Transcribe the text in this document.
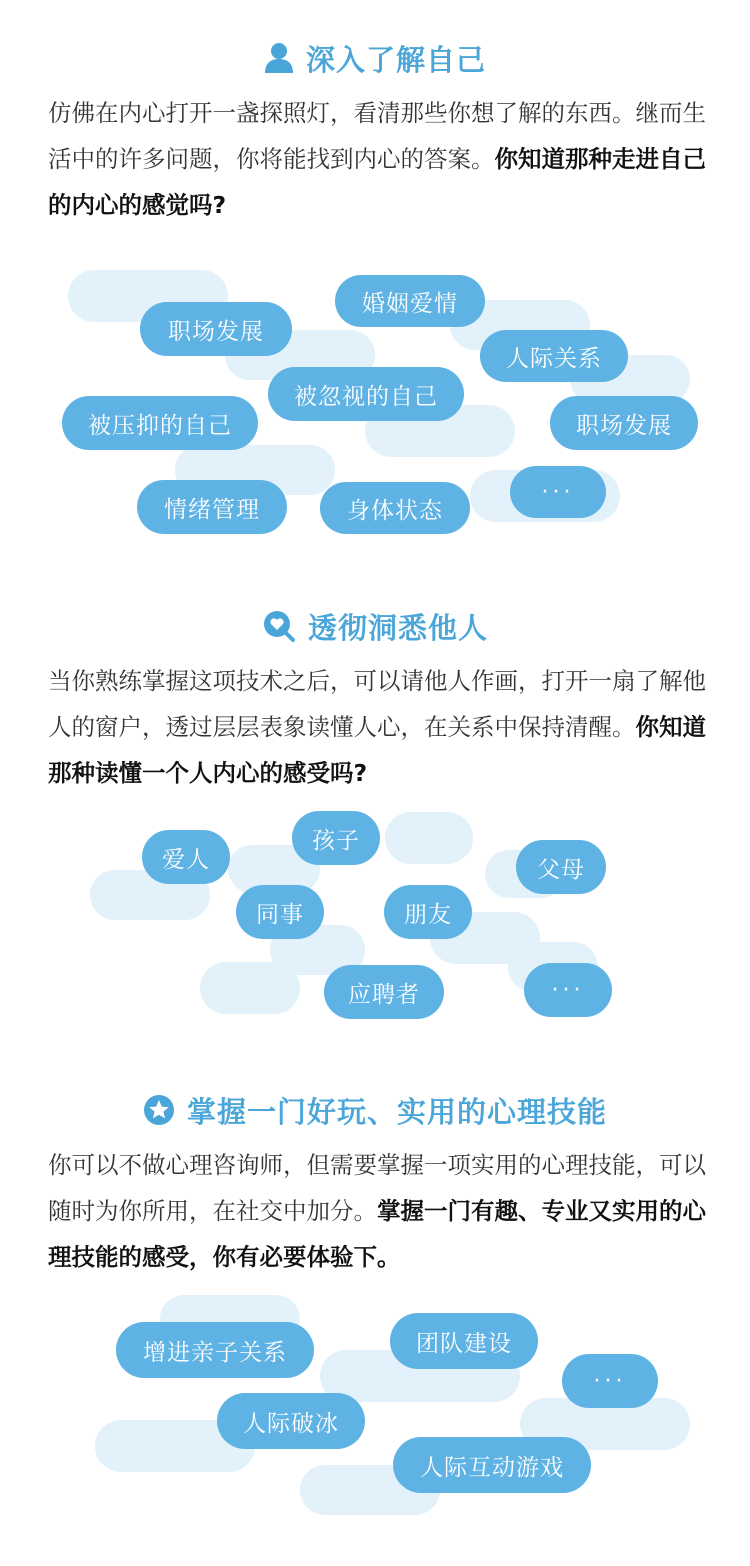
深入了解自己
仿佛在内心打开一盏探照灯，看清那些你想了解的东西。继而生活中的许多问题，你将能找到内心的答案。你知道那种走进自己的内心的感觉吗?
职场发展
婚姻爱情
人际关系
被忽视的自己
被压抑的自己	职场发展
情绪管理	身体状态
···
透彻洞悉他人
当你熟练掌握这项技术之后，可以请他人作画，打开一扇了解他人的窗户，透过层层表象读懂人心，在关系中保持清醒。你知道那种读懂一个人内心的感受吗?
爱人
孩子
父母
同事	朋友
应聘者	···
掌握一门好玩、实用的心理技能
你可以不做心理咨询师，但需要掌握一项实用的心理技能，可以随时为你所用，在社交中加分。掌握一门有趣、专业又实用的心理技能的感受，你有必要体验下。
增进亲子关系	团队建设
···
人际破冰
人际互动游戏
